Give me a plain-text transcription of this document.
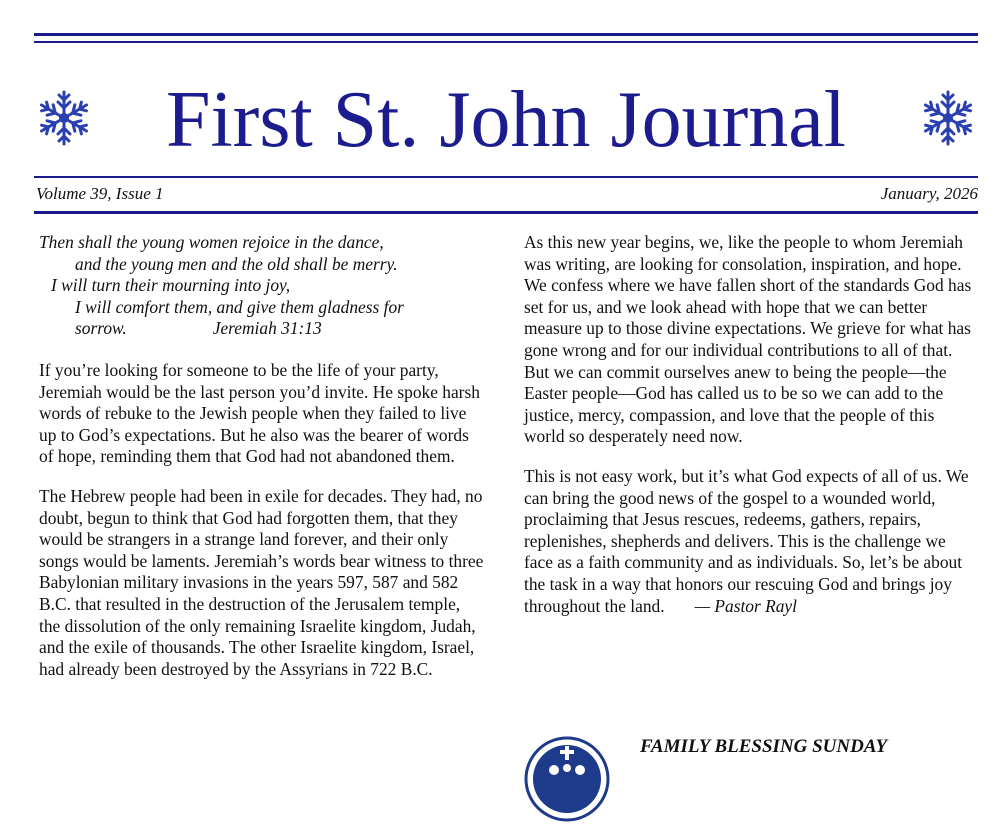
First St. John Journal
Volume 39, Issue 1	January, 2026
Then shall the young women rejoice in the dance,
and the young men and the old shall be merry.
I will turn their mourning into joy,
I will comfort them, and give them gladness for
sorrow.	Jeremiah 31:13

If you’re looking for someone to be the life of your party, Jeremiah would be the last person you’d invite. He spoke harsh words of rebuke to the Jewish people when they failed to live up to God’s expectations. But he also was the bearer of words of hope, reminding them that God had not abandoned them.

The Hebrew people had been in exile for decades. They had, no doubt, begun to think that God had forgotten them, that they would be strangers in a strange land forever, and their only songs would be laments. Jeremiah’s words bear witness to three Babylonian military invasions in the years 597, 587 and 582 B.C. that resulted in the destruction of the Jerusalem temple, the dissolution of the only remaining Israelite kingdom, Judah, and the exile of thousands. The other Israelite kingdom, Israel, had already been destroyed by the Assyrians in 722 B.C.

As this new year begins, we, like the people to whom Jeremiah was writing, are looking for consolation, inspiration, and hope. We confess where we have fallen short of the standards God has set for us, and we look ahead with hope that we can better measure up to those divine expectations. We grieve for what has gone wrong and for our individual contributions to all of that. But we can commit ourselves anew to being the people—the Easter people—God has called us to be so we can add to the justice, mercy, compassion, and love that the people of this world so desperately need now.

This is not easy work, but it’s what God expects of all of us. We can bring the good news of the gospel to a wounded world, proclaiming that Jesus rescues, redeems, gathers, repairs, replenishes, shepherds and delivers. This is the challenge we face as a faith community and as individuals. So, let’s be about the task in a way that honors our rescuing God and brings joy throughout the land. — Pastor Rayl

FAMILY BLESSING SUNDAY
